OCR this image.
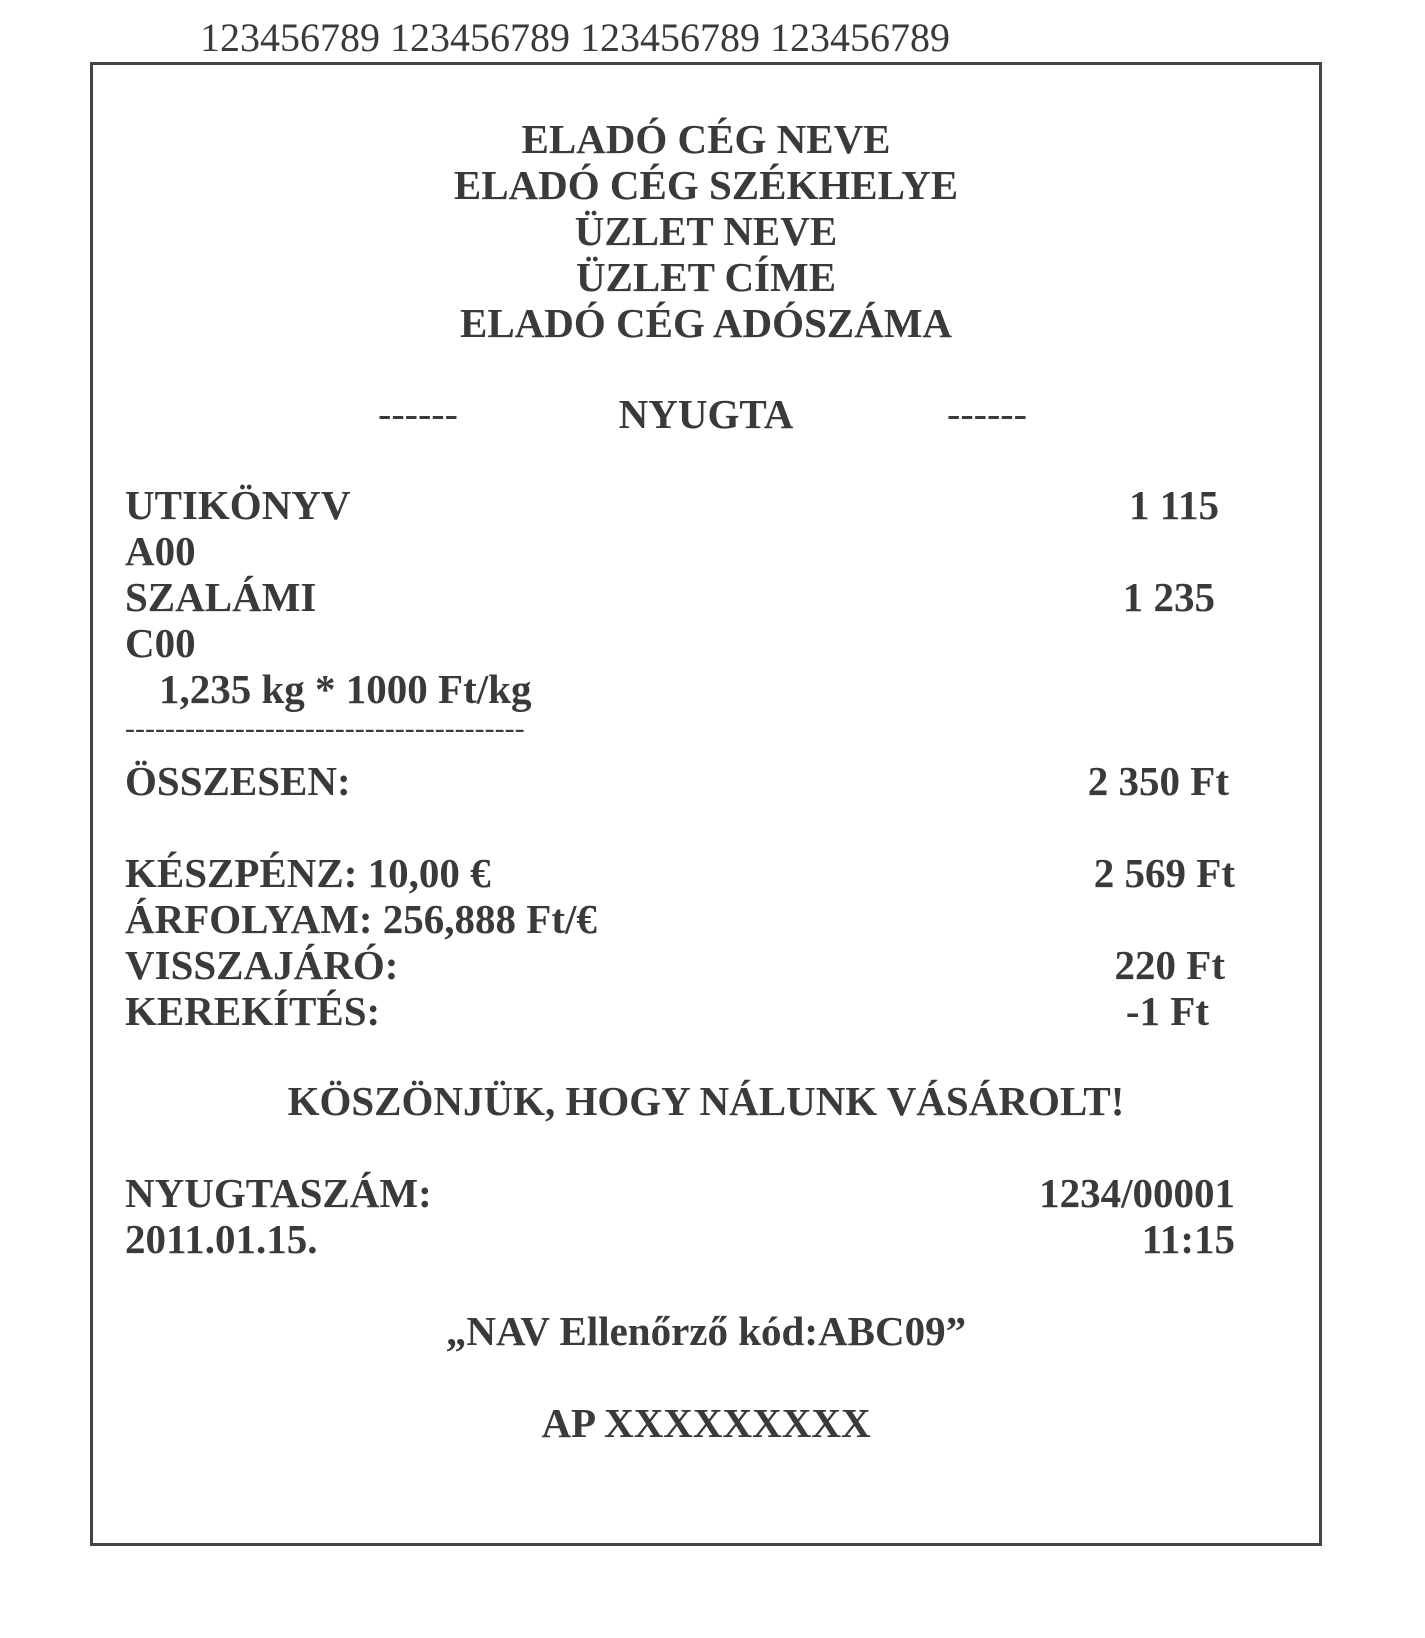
123456789 123456789 123456789 123456789
ELADÓ CÉG NEVE
ELADÓ CÉG SZÉKHELYE
ÜZLET NEVE
ÜZLET CÍME
ELADÓ CÉG ADÓSZÁMA
------	NYUGTA	------
UTIKÖNYV	1 115
A00
SZALÁMI	1 235
C00
1,235 kg * 1000 Ft/kg
----------------------------------------
ÖSSZESEN:	2 350 Ft
KÉSZPÉNZ: 10,00 €	2 569 Ft
ÁRFOLYAM: 256,888 Ft/€
VISSZAJÁRÓ:	220 Ft
KEREKÍTÉS:	-1 Ft
KÖSZÖNJÜK, HOGY NÁLUNK VÁSÁROLT!
NYUGTASZÁM:	1234/00001
2011.01.15.	11:15
„NAV Ellenőrző kód:ABC09”
AP XXXXXXXXX
